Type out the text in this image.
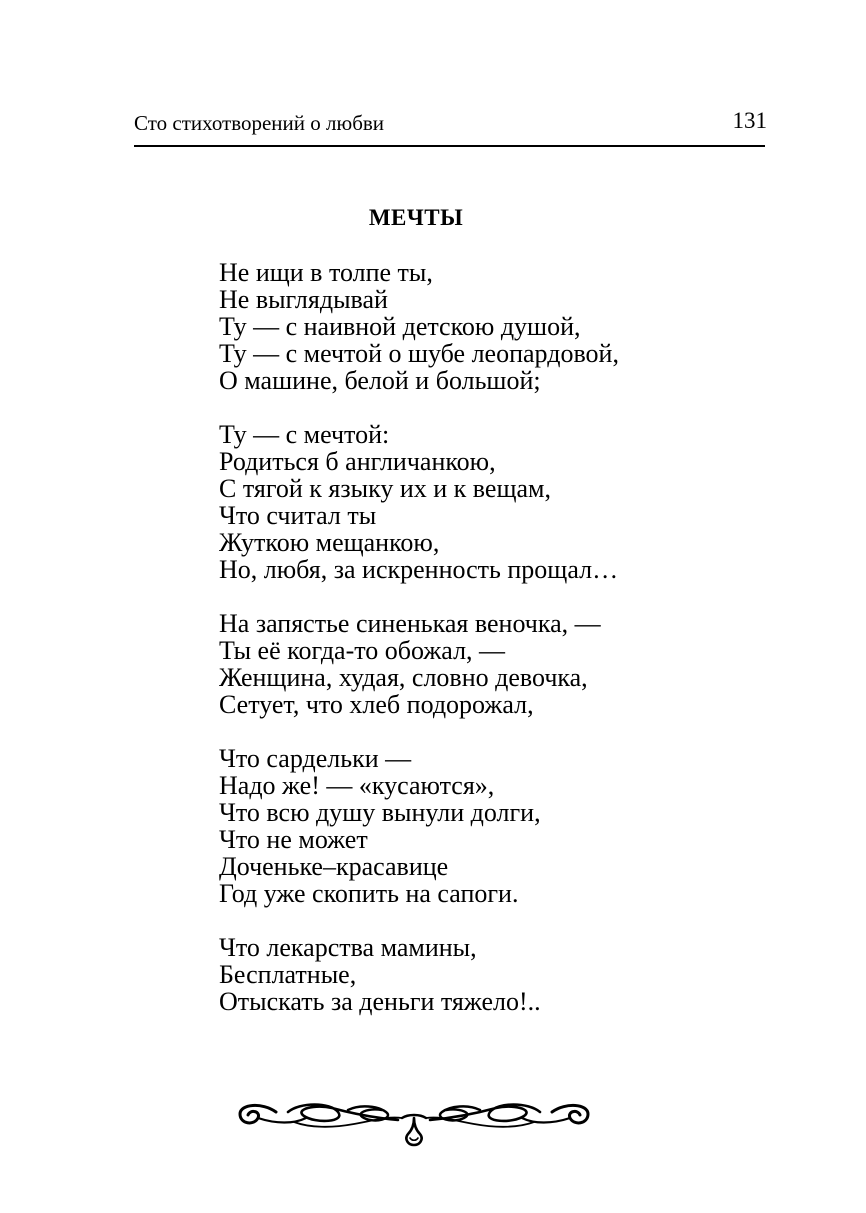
Сто стихотворений о любви	131
МЕЧТЫ
Не ищи в толпе ты,
Не выглядывай
Ту — с наивной детскою душой,
Ту — с мечтой о шубе леопардовой,
О машине, белой и большой;
Ту — с мечтой:
Родиться б англичанкою,
С тягой к языку их и к вещам,
Что считал ты
Жуткою мещанкою,
Но, любя, за искренность прощал…
На запястье синенькая веночка, —
Ты её когда-то обожал, —
Женщина, худая, словно девочка,
Сетует, что хлеб подорожал,
Что сардельки —
Надо же! — «кусаются»,
Что всю душу вынули долги,
Что не может
Доченьке–красавице
Год уже скопить на сапоги.
Что лекарства мамины,
Бесплатные,
Отыскать за деньги тяжело!..
